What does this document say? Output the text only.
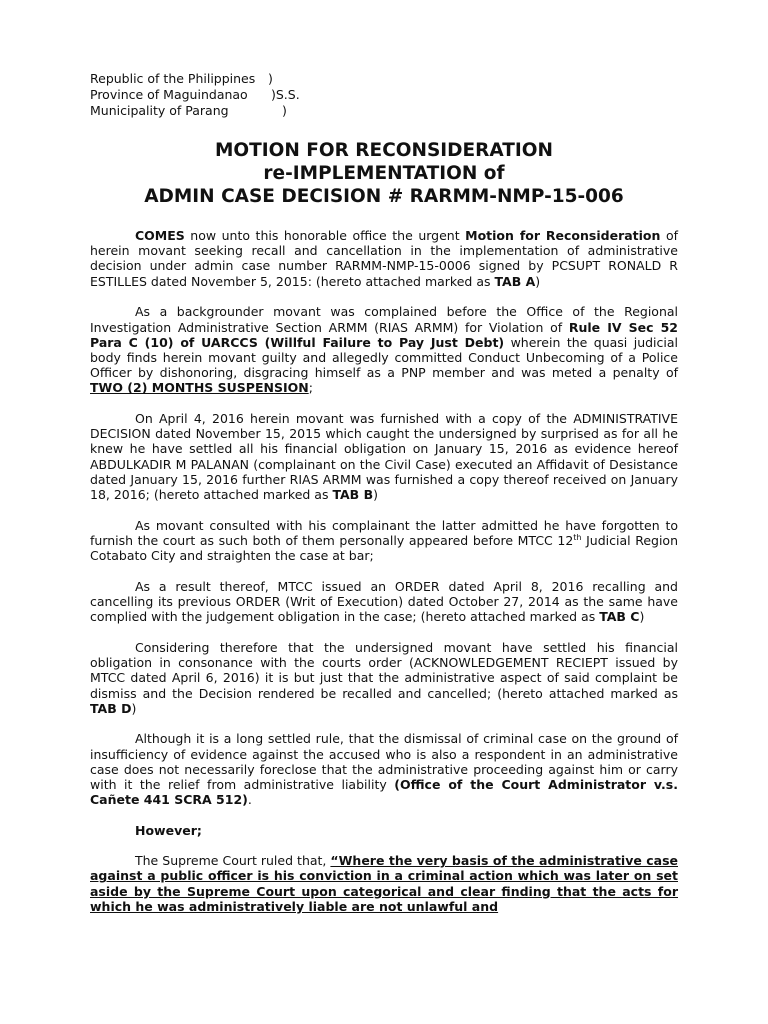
Republic of the Philippines	)
Province of Maguindanao	)S.S.
Municipality of Parang	)
MOTION FOR RECONSIDERATION
re-IMPLEMENTATION of
ADMIN CASE DECISION # RARMM-NMP-15-006

COMES now unto this honorable office the urgent Motion for Reconsideration of herein movant seeking recall and cancellation in the implementation of administrative decision under admin case number RARMM-NMP-15-0006 signed by PCSUPT RONALD R ESTILLES dated November 5, 2015: (hereto attached marked as TAB A)

As a backgrounder movant was complained before the Office of the Regional Investigation Administrative Section ARMM (RIAS ARMM) for Violation of Rule IV Sec 52 Para C (10) of UARCCS (Willful Failure to Pay Just Debt) wherein the quasi judicial body finds herein movant guilty and allegedly committed Conduct Unbecoming of a Police Officer by dishonoring, disgracing himself as a PNP member and was meted a penalty of TWO (2) MONTHS SUSPENSION;

On April 4, 2016 herein movant was furnished with a copy of the ADMINISTRATIVE DECISION dated November 15, 2015 which caught the undersigned by surprised as for all he knew he have settled all his financial obligation on January 15, 2016 as evidence hereof ABDULKADIR M PALANAN (complainant on the Civil Case) executed an Affidavit of Desistance dated January 15, 2016 further RIAS ARMM was furnished a copy thereof received on January 18, 2016; (hereto attached marked as TAB B)

As movant consulted with his complainant the latter admitted he have forgotten to furnish the court as such both of them personally appeared before MTCC 12th Judicial Region Cotabato City and straighten the case at bar;

As a result thereof, MTCC issued an ORDER dated April 8, 2016 recalling and cancelling its previous ORDER (Writ of Execution) dated October 27, 2014 as the same have complied with the judgement obligation in the case; (hereto attached marked as TAB C)

Considering therefore that the undersigned movant have settled his financial obligation in consonance with the courts order (ACKNOWLEDGEMENT RECIEPT issued by MTCC dated April 6, 2016) it is but just that the administrative aspect of said complaint be dismiss and the Decision rendered be recalled and cancelled; (hereto attached marked as TAB D)

Although it is a long settled rule, that the dismissal of criminal case on the ground of insufficiency of evidence against the accused who is also a respondent in an administrative case does not necessarily foreclose that the administrative proceeding against him or carry with it the relief from administrative liability (Office of the Court Administrator v.s. Cañete 441 SCRA 512).

However;

The Supreme Court ruled that, “Where the very basis of the administrative case against a public officer is his conviction in a criminal action which was later on set aside by the Supreme Court upon categorical and clear finding that the acts for which he was administratively liable are not unlawful and
